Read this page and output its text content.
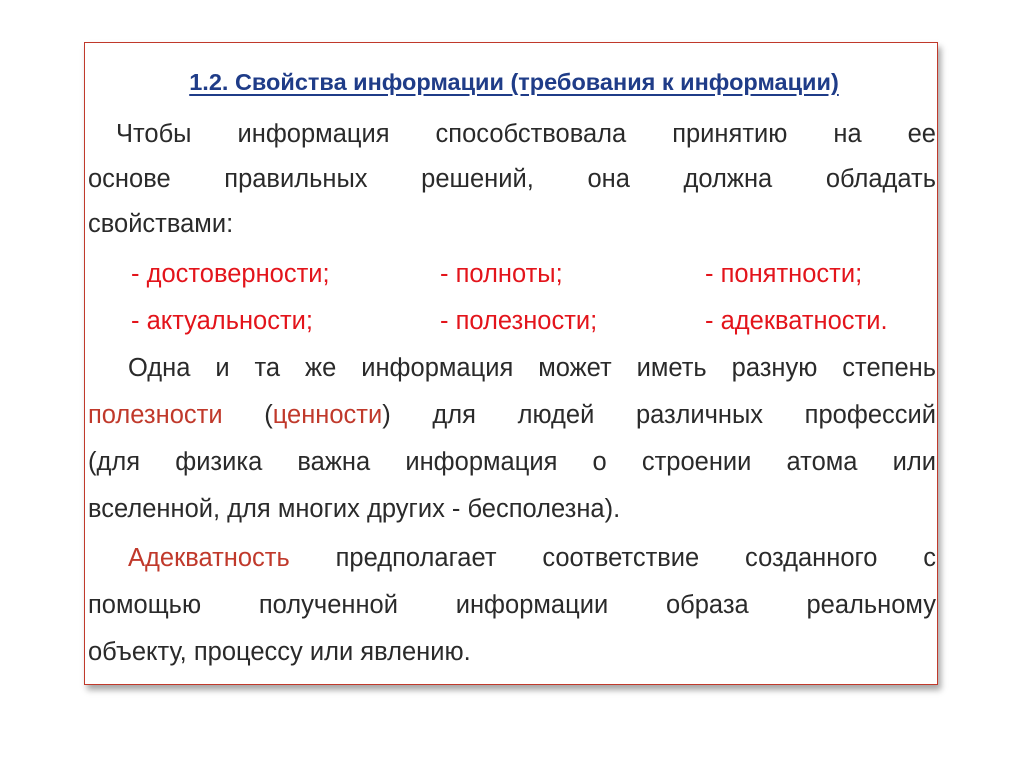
1.2. Свойства информации (требования к информации)
Чтобы информация способствовала принятию на ее
основе правильных решений, она должна обладать
свойствами:
- достоверности;	- полноты;	- понятности;
- актуальности;	- полезности;	- адекватности.
Одна и та же информация может иметь разную степень
полезности (ценности) для людей различных профессий
(для физика важна информация о строении атома или
вселенной, для многих других - бесполезна).
Адекватность предполагает соответствие созданного с
помощью полученной информации образа реальному
объекту, процессу или явлению.
